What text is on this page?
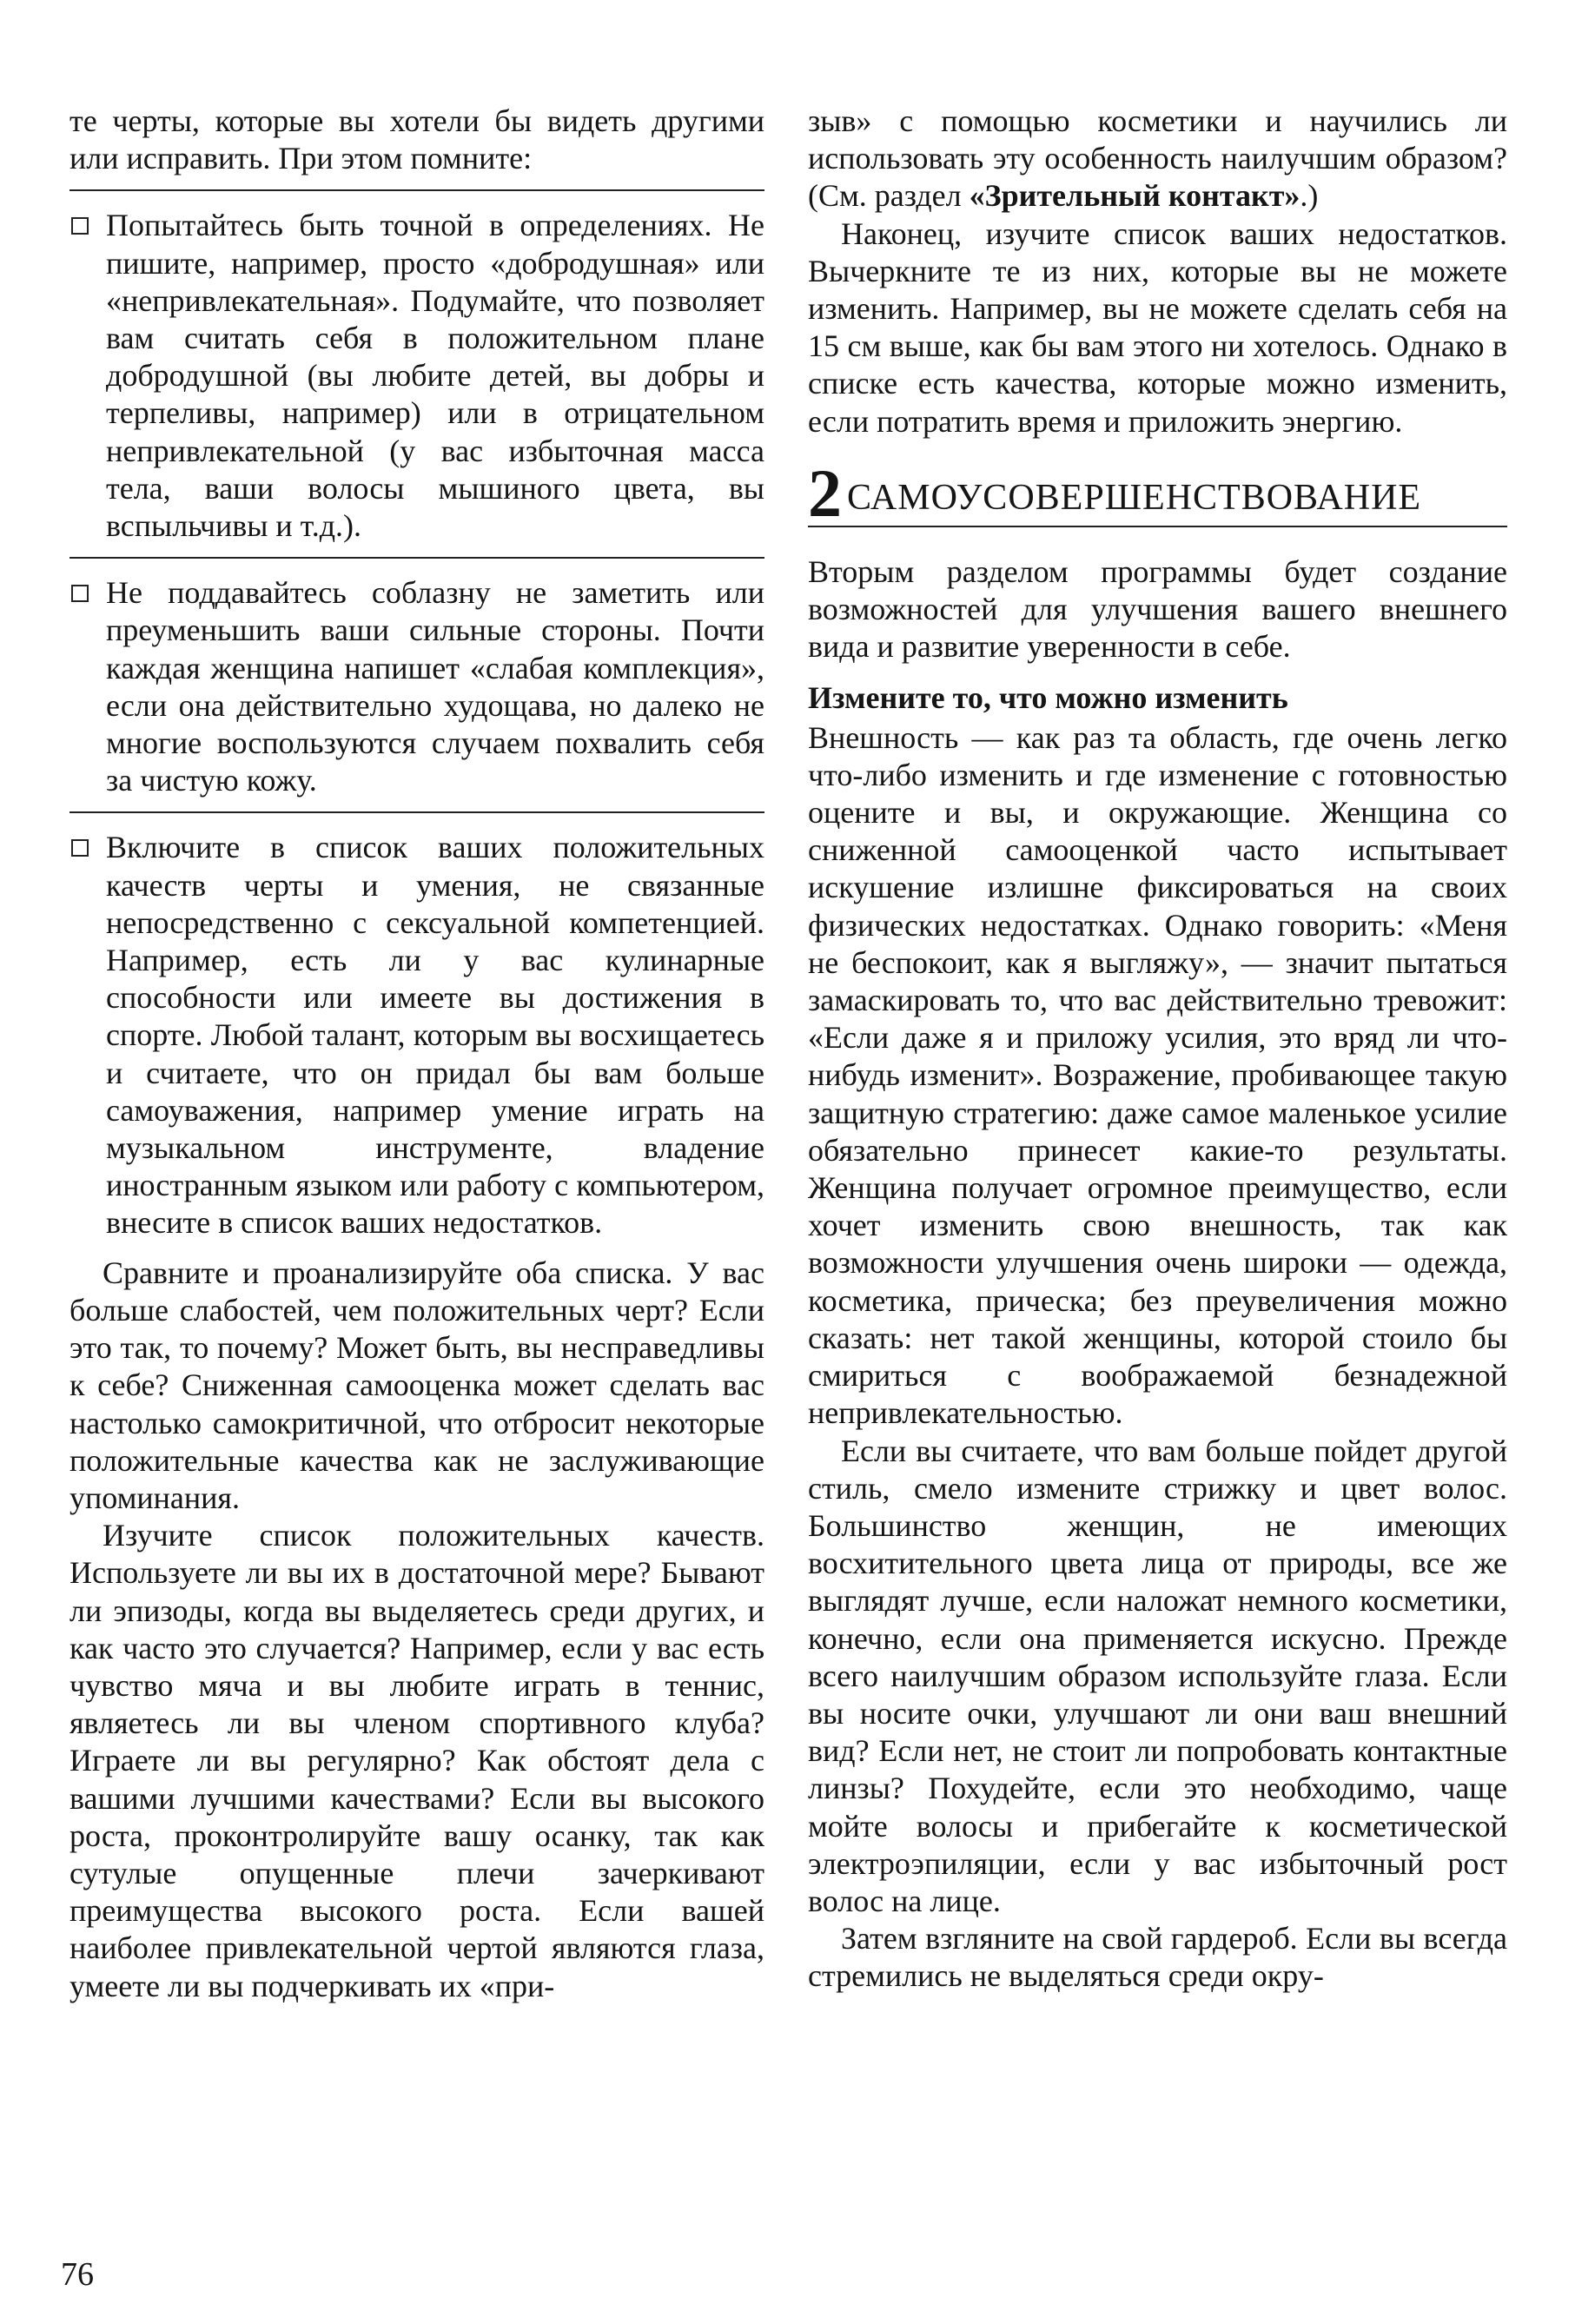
те черты, которые вы хотели бы видеть другими или исправить. При этом помните:

Попытайтесь быть точной в определениях. Не пишите, например, просто «добродушная» или «непривлекательная». Подумайте, что позволяет вам считать себя в положительном плане добродушной (вы любите детей, вы добры и терпеливы, например) или в отрицательном непривлекательной (у вас избыточная масса тела, ваши волосы мышиного цвета, вы вспыльчивы и т.д.).

Не поддавайтесь соблазну не заметить или преуменьшить ваши сильные стороны. Почти каждая женщина напишет «слабая комплекция», если она действительно худощава, но далеко не многие воспользуются случаем похвалить себя за чистую кожу.

Включите в список ваших положительных качеств черты и умения, не связанные непосредственно с сексуальной компетенцией. Например, есть ли у вас кулинарные способности или имеете вы достижения в спорте. Любой талант, которым вы восхищаетесь и считаете, что он придал бы вам больше самоуважения, например умение играть на музыкальном инструменте, владение иностранным языком или работу с компьютером, внесите в список ваших недостатков.

Сравните и проанализируйте оба списка. У вас больше слабостей, чем положительных черт? Если это так, то почему? Может быть, вы несправедливы к себе? Сниженная самооценка может сделать вас настолько самокритичной, что отбросит некоторые положительные качества как не заслуживающие упоминания.

Изучите список положительных качеств. Используете ли вы их в достаточной мере? Бывают ли эпизоды, когда вы выделяетесь среди других, и как часто это случается? Например, если у вас есть чувство мяча и вы любите играть в теннис, являетесь ли вы членом спортивного клуба? Играете ли вы регулярно? Как обстоят дела с вашими лучшими качествами? Если вы высокого роста, проконтролируйте вашу осанку, так как сутулые опущенные плечи зачеркивают преимущества высокого роста. Если вашей наиболее привлекательной чертой являются глаза, умеете ли вы подчеркивать их «при-

зыв» с помощью косметики и научились ли использовать эту особенность наилучшим образом? (См. раздел «Зрительный контакт».)

Наконец, изучите список ваших недостатков. Вычеркните те из них, которые вы не можете изменить. Например, вы не можете сделать себя на 15 см выше, как бы вам этого ни хотелось. Однако в списке есть качества, которые можно изменить, если потратить время и приложить энергию.

2 САМОУСОВЕРШЕНСТВОВАНИЕ

Вторым разделом программы будет создание возможностей для улучшения вашего внешнего вида и развитие уверенности в себе.

Измените то, что можно изменить

Внешность — как раз та область, где очень легко что-либо изменить и где изменение с готовностью оцените и вы, и окружающие. Женщина со сниженной самооценкой часто испытывает искушение излишне фиксироваться на своих физических недостатках. Однако говорить: «Меня не беспокоит, как я выгляжу», — значит пытаться замаскировать то, что вас действительно тревожит: «Если даже я и приложу усилия, это вряд ли что-нибудь изменит». Возражение, пробивающее такую защитную стратегию: даже самое маленькое усилие обязательно принесет какие-то результаты. Женщина получает огромное преимущество, если хочет изменить свою внешность, так как возможности улучшения очень широки — одежда, косметика, прическа; без преувеличения можно сказать: нет такой женщины, которой стоило бы смириться с воображаемой безнадежной непривлекательностью.

Если вы считаете, что вам больше пойдет другой стиль, смело измените стрижку и цвет волос. Большинство женщин, не имеющих восхитительного цвета лица от природы, все же выглядят лучше, если наложат немного косметики, конечно, если она применяется искусно. Прежде всего наилучшим образом используйте глаза. Если вы носите очки, улучшают ли они ваш внешний вид? Если нет, не стоит ли попробовать контактные линзы? Похудейте, если это необходимо, чаще мойте волосы и прибегайте к косметической электроэпиляции, если у вас избыточный рост волос на лице.

Затем взгляните на свой гардероб. Если вы всегда стремились не выделяться среди окру-

76
